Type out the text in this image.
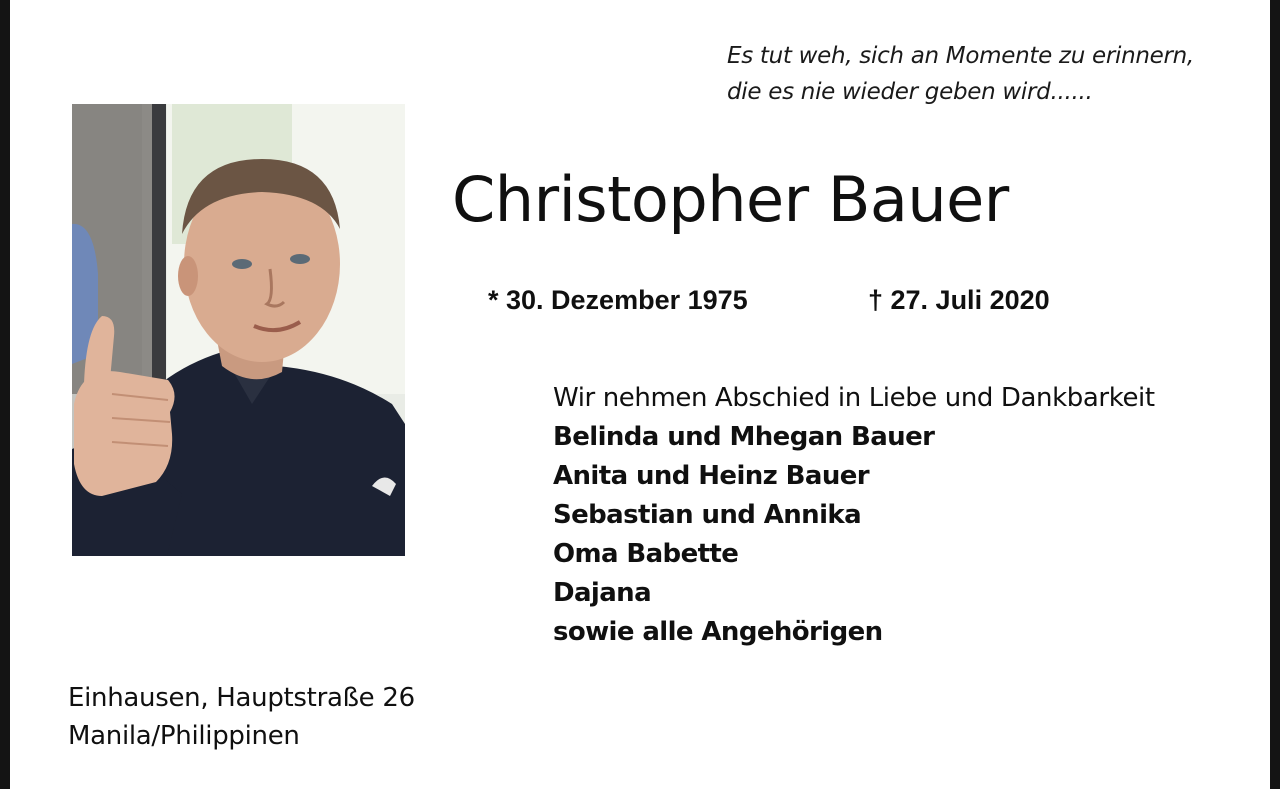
Es tut weh, sich an Momente zu erinnern,
die es nie wieder geben wird......
Christopher Bauer
* 30. Dezember 1975	† 27. Juli 2020
Wir nehmen Abschied in Liebe und Dankbarkeit
Belinda und Mhegan Bauer
Anita und Heinz Bauer
Sebastian und Annika
Oma Babette
Dajana
sowie alle Angehörigen
Einhausen, Hauptstraße 26
Manila/Philippinen
